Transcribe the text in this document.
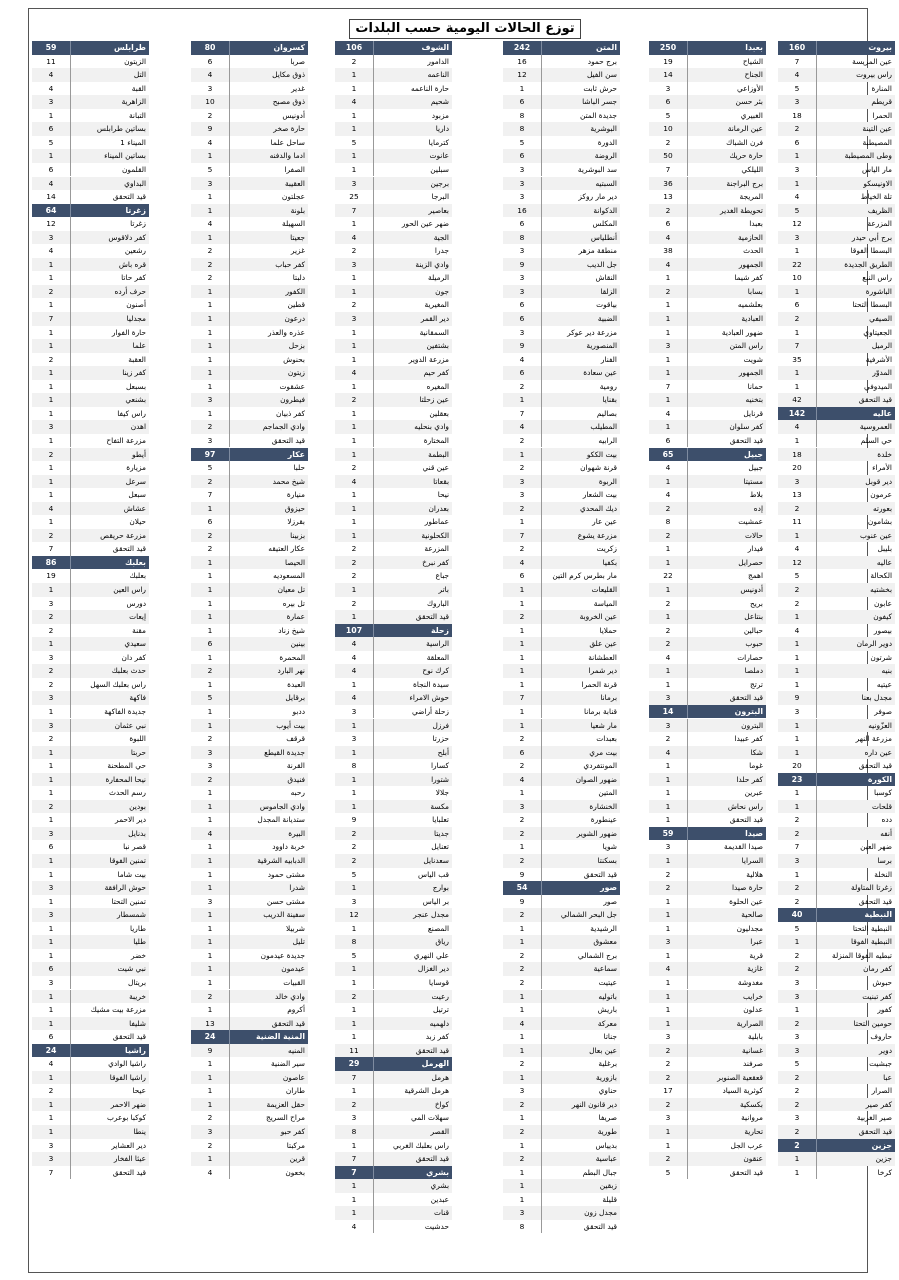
توزع الحالات اليومية حسب البلدات
بيروت
160
عين المريسة
7
راس بيروت
4
المنارة
5
قريطم
3
الحمرا
18
عين التينة
2
المصيطبة
6
وطى المصيطبة
1
مار الياس
3
الاونيسكو
1
تلة الخياط
4
الظريف
5
المزرعة
12
برج أبي حيدر
3
البسطا الفوقا
1
الطريق الجديدة
22
راس النبع
10
الباشورة
1
البسطا التحتا
6
الصيفي
2
الجعيتاوي
1
الرميل
7
الأشرفية
35
المدوّر
1
الميدوفي
1
قيد التحقق
42
عاليه
142
العمروسية
4
حي السلم
1
خلدة
18
الأمراء
20
دير قوبل
3
عرمون
13
بعورته
2
بشامون
11
عين عنوب
1
بليبل
4
عاليه
12
الكحالة
5
بخشتيه
2
عابون
2
كيفون
1
بيصور
4
دوير الرمان
1
شرتون
1
بنيه
1
عيتيه
1
مجدل بعنا
9
صوفر
3
العزّونيه
1
مزرعة النهر
1
عين داره
1
قيد التحقق
20
الكورة
23
كوسبا
1
قلحات
1
دده
2
أنفه
2
ضهر العين
7
برسا
3
النخلة
1
زغرتا المتاولة
2
قيد التحقق
2
النبطية
40
النبطية التحتا
5
النبطية الفوقا
1
تبطيه الفوقا المنزلة
2
كفر رمان
2
حبوش
3
كفر تبنيت
3
كفور
1
حومين التحتا
2
حاروف
3
دوير
3
جبشيت
5
عبا
2
الصرار
2
كفر صير
2
صير الغربية
3
قيد التحقق
2
جزين
2
جزين
1
كرخا
1
بعبدا
250
الشياح
19
الجناح
14
الأوزاعي
3
بئر حسن
6
الغبيري
5
عين الرمانة
10
فرن الشباك
2
حارة حريك
50
الليلكي
7
برج البراجنة
36
المريجة
13
تحويطة الغدير
2
بعبدا
6
الحازمية
4
الحدث
38
الجمهور
4
كفر شيما
1
بسابا
2
بعلشميه
1
العبادية
1
ضهور العبادية
1
راس المتن
3
شويت
1
الجمهور
1
حمانا
7
بتخنيه
1
قرنايل
4
كفر سلوان
1
قيد التحقق
6
جبيل
65
جبيل
4
مستيتا
1
بلاط
4
إده
2
عمشيت
8
حالات
2
فيدار
1
حصرايل
1
اهمج
22
أدونيس
1
بريح
2
بنتاعل
1
حبالين
2
حبوب
2
حصارات
4
دملصا
1
ترتج
1
قيد التحقق
3
البترون
14
البترون
3
كفر عبيدا
2
شكا
4
غوما
1
كفر حلدا
1
عبرين
1
راس نحاش
1
قيد التحقق
1
صيدا
59
صيدا القديمة
3
السرايا
1
هلالية
2
حارة صيدا
2
عين الحلوة
1
صالحية
1
مجدليون
1
عبرا
3
قرية
1
غازية
4
مغدوشة
1
خرايب
1
عدلون
1
الصرارية
1
بابلية
3
غسانية
2
صرفند
2
قعقعية الصنوبر
2
كوثرية السياد
17
بكسكية
2
مروانية
3
تحارية
1
عرب الجل
1
عنقون
2
قيد التحقق
5
المتن
242
برج حمود
16
سن الفيل
12
حرش ثابت
1
جسر الباشا
6
جديدة المتن
8
البوشرية
8
الدورة
5
الروضة
6
سد البوشرية
3
السبتيه
3
دير مار روكز
3
الدكوانة
16
المكلس
6
أنطلياس
8
منطقة مزهر
3
جل الديب
9
النقاش
3
الزلقا
3
بياقوت
6
الضبية
6
مزرعة دير عوكر
3
المنصورية
9
الفنار
4
عين سعادة
6
رومية
2
بقنايا
1
بصاليم
7
المطيلب
4
الرابيه
2
بيت الككو
1
قرنة شهوان
2
الربوة
3
بيت الشعار
3
ديك المحدي
2
عين عار
1
مزرعة يشوع
7
زكريت
2
بكفيا
4
مار بطرس كرم التين
6
القليعات
1
المياسة
1
عين الخروبة
2
حملايا
1
عين علق
1
العطشانة
1
دير شمرا
1
قرنة الحمرا
1
برمانا
7
قنابة برمانا
1
مار شعيا
1
بعبدات
2
بيت مري
6
المونتفردي
2
ضهور الصوان
4
المتين
1
الخنشارة
3
عينطورة
2
ضهور الشوير
2
شويا
1
بسكنتا
2
قيد التحقق
9
صور
54
صور
9
جل البحر الشمالي
2
الرشيدية
1
معشوق
1
برج الشمالي
2
سماعية
2
عيتيت
2
باتوليه
1
باريش
1
معركة
4
جناتا
1
عين بعال
1
برغلية
2
بازورية
1
حناوي
3
دير قانون النهر
2
صريفا
1
طورية
2
بديياس
1
عباسية
2
جبال البطم
1
زبقين
1
قليلة
1
مجدل زون
3
قيد التحقق
8
الشوف
106
الدامور
2
الناعمه
1
حارة الناعمه
1
شحيم
4
مزبود
1
داريا
1
كترمايا
5
عانوت
1
سبلين
1
برجين
3
البرجا
25
بعاصير
7
ضهر عين الحور
1
الجية
4
جدرا
2
وادي الزينة
3
الرميلة
1
جون
1
المغيرية
2
دير القمر
3
السمقانية
1
بشتفين
1
مزرعة الدوير
1
كفر حيم
4
المغيره
1
عين زحلتا
2
بعقلين
1
وادي بنحليه
1
المختارة
1
البطمة
1
عين قني
2
بقعاتا
4
نيحا
1
بعدران
1
عماطور
1
الكحلونية
1
المزرعة
2
كفر نبرخ
2
جباع
2
باتر
1
الباروك
2
قيد التحقق
1
زحلة
107
الراسية
4
المعلقة
4
كرك نوح
4
سيدة النجاة
1
حوش الامراء
4
زحلة أراضي
3
فرزل
1
حزرتا
3
أبلح
1
كسارا
8
شتورا
1
جلالا
1
مكسة
1
تعلبايا
9
جديتا
2
تعنايل
2
سعدنايل
2
قب الياس
5
بوارج
1
بر الياس
3
مجدل عنجر
12
المصنع
1
رياق
8
علي النهري
5
دير الغزال
1
قوسايا
1
رعيت
2
ترتيل
1
دلهميه
1
كفر زبد
1
قيد التحقق
11
الهرمل
29
هرمل
7
هرمل الشرقية
1
كواخ
2
سهلات المي
3
القصر
8
راس بعلبك الغربي
1
قيد التحقق
7
بشري
7
بشري
1
عبدين
1
قنات
1
حدشيت
4
كسروان
80
صربا
6
ذوق مكايل
4
غدير
3
ذوق مصبح
10
أدونيس
2
حارة صخر
9
ساحل علما
4
ادما والدفنه
1
الصفرا
5
العقيبة
3
عجلتون
1
بلونة
1
السهيلة
4
جعيتا
1
غزير
2
كفر حباب
2
دلبتا
2
الكفور
1
قطين
1
درعون
1
عذره والعذر
1
بزحل
1
بحنوش
1
زيتون
1
عشقوت
1
فيطرون
3
كفر ذبيان
1
وادي الجماجم
2
قيد التحقق
3
عكار
97
حلبا
5
شيخ محمد
2
منيارة
7
حيزوق
1
بقرزلا
6
بزبينا
2
عكار العتيقه
2
الحيصا
1
المسعوديه
1
تل معيان
1
تل بيره
1
عمارة
1
شيخ زناد
1
بينين
6
المحمرة
1
نهر البارد
2
العبدة
1
برقايل
5
ددبو
1
بيت أيوب
1
قرقف
2
جديدة القيطع
3
القرنة
3
فنيدق
2
رحبه
1
وادي الجاموس
1
ستديانة المجدل
1
البيرة
4
خربة داوود
1
الدبابيه الشرقية
1
مشتى حمود
1
شدرا
1
مشتى حسن
3
سفينة الدريب
1
شربيلا
1
تليل
1
جديدة عيدمون
1
عيدمون
1
القبيات
1
وادي خالد
2
أكروم
1
قيد التحقق
13
المنية الضنية
24
المنيه
9
سير الضنية
1
عاصون
1
طاران
1
حقل العزيمة
1
مراح السريج
2
كفر حبو
3
مركبتا
2
قرين
1
بخعون
4
طرابلس
59
الزيتون
11
التل
4
القبة
4
الزاهرية
3
التبانة
1
بساتين طرابلس
6
الميناء 1
5
بساتين الميناء
1
القلمون
6
البداوي
4
قيد التحقق
14
زغرتا
64
زغرتا
12
كفر دلاقوس
3
رشعين
4
قره باش
1
كفر حاتا
1
حرف أرده
2
أصنون
1
مجدليا
7
حارة الفوار
1
علما
1
العقبة
2
كفر زينا
1
بسبعل
1
بشنعي
1
راس كيفا
1
اهدن
3
مزرعة التفاح
1
أيطو
2
مزيارة
1
سرعل
1
سبعل
1
عشاش
4
حيلان
1
مزرعة حريقص
2
قيد التحقق
7
بعلبك
86
بعلبك
19
راس العين
1
دورس
3
إيعات
2
مقنة
2
سعيدي
1
كفر دان
3
حدث بعلبك
2
راس بعلبك السهل
2
فاكهة
3
جديدة الفاكهة
1
نبي عثمان
3
اللبوة
2
حربتا
1
حي المطحنة
1
نيحا المحفارة
1
رسم الحدث
1
بودين
2
دير الاحمر
1
بدنايل
3
قصر نبا
6
تمنين الفوقا
1
بيت شاما
1
حوش الرافقة
3
تمنين التحتا
1
شمسطار
3
طاريا
1
طليا
1
خضر
1
نبي شيت
6
بريتال
3
خريبة
1
مزرعة بيت مشيك
1
شليفا
1
قيد التحقق
6
راشيا
24
راشيا الوادي
4
راشيا الفوقا
1
عيحا
2
ضهر الاحمر
1
كوكبا بوعرب
1
ينطا
1
دير العشاير
3
عيثا الفخار
3
قيد التحقق
7
